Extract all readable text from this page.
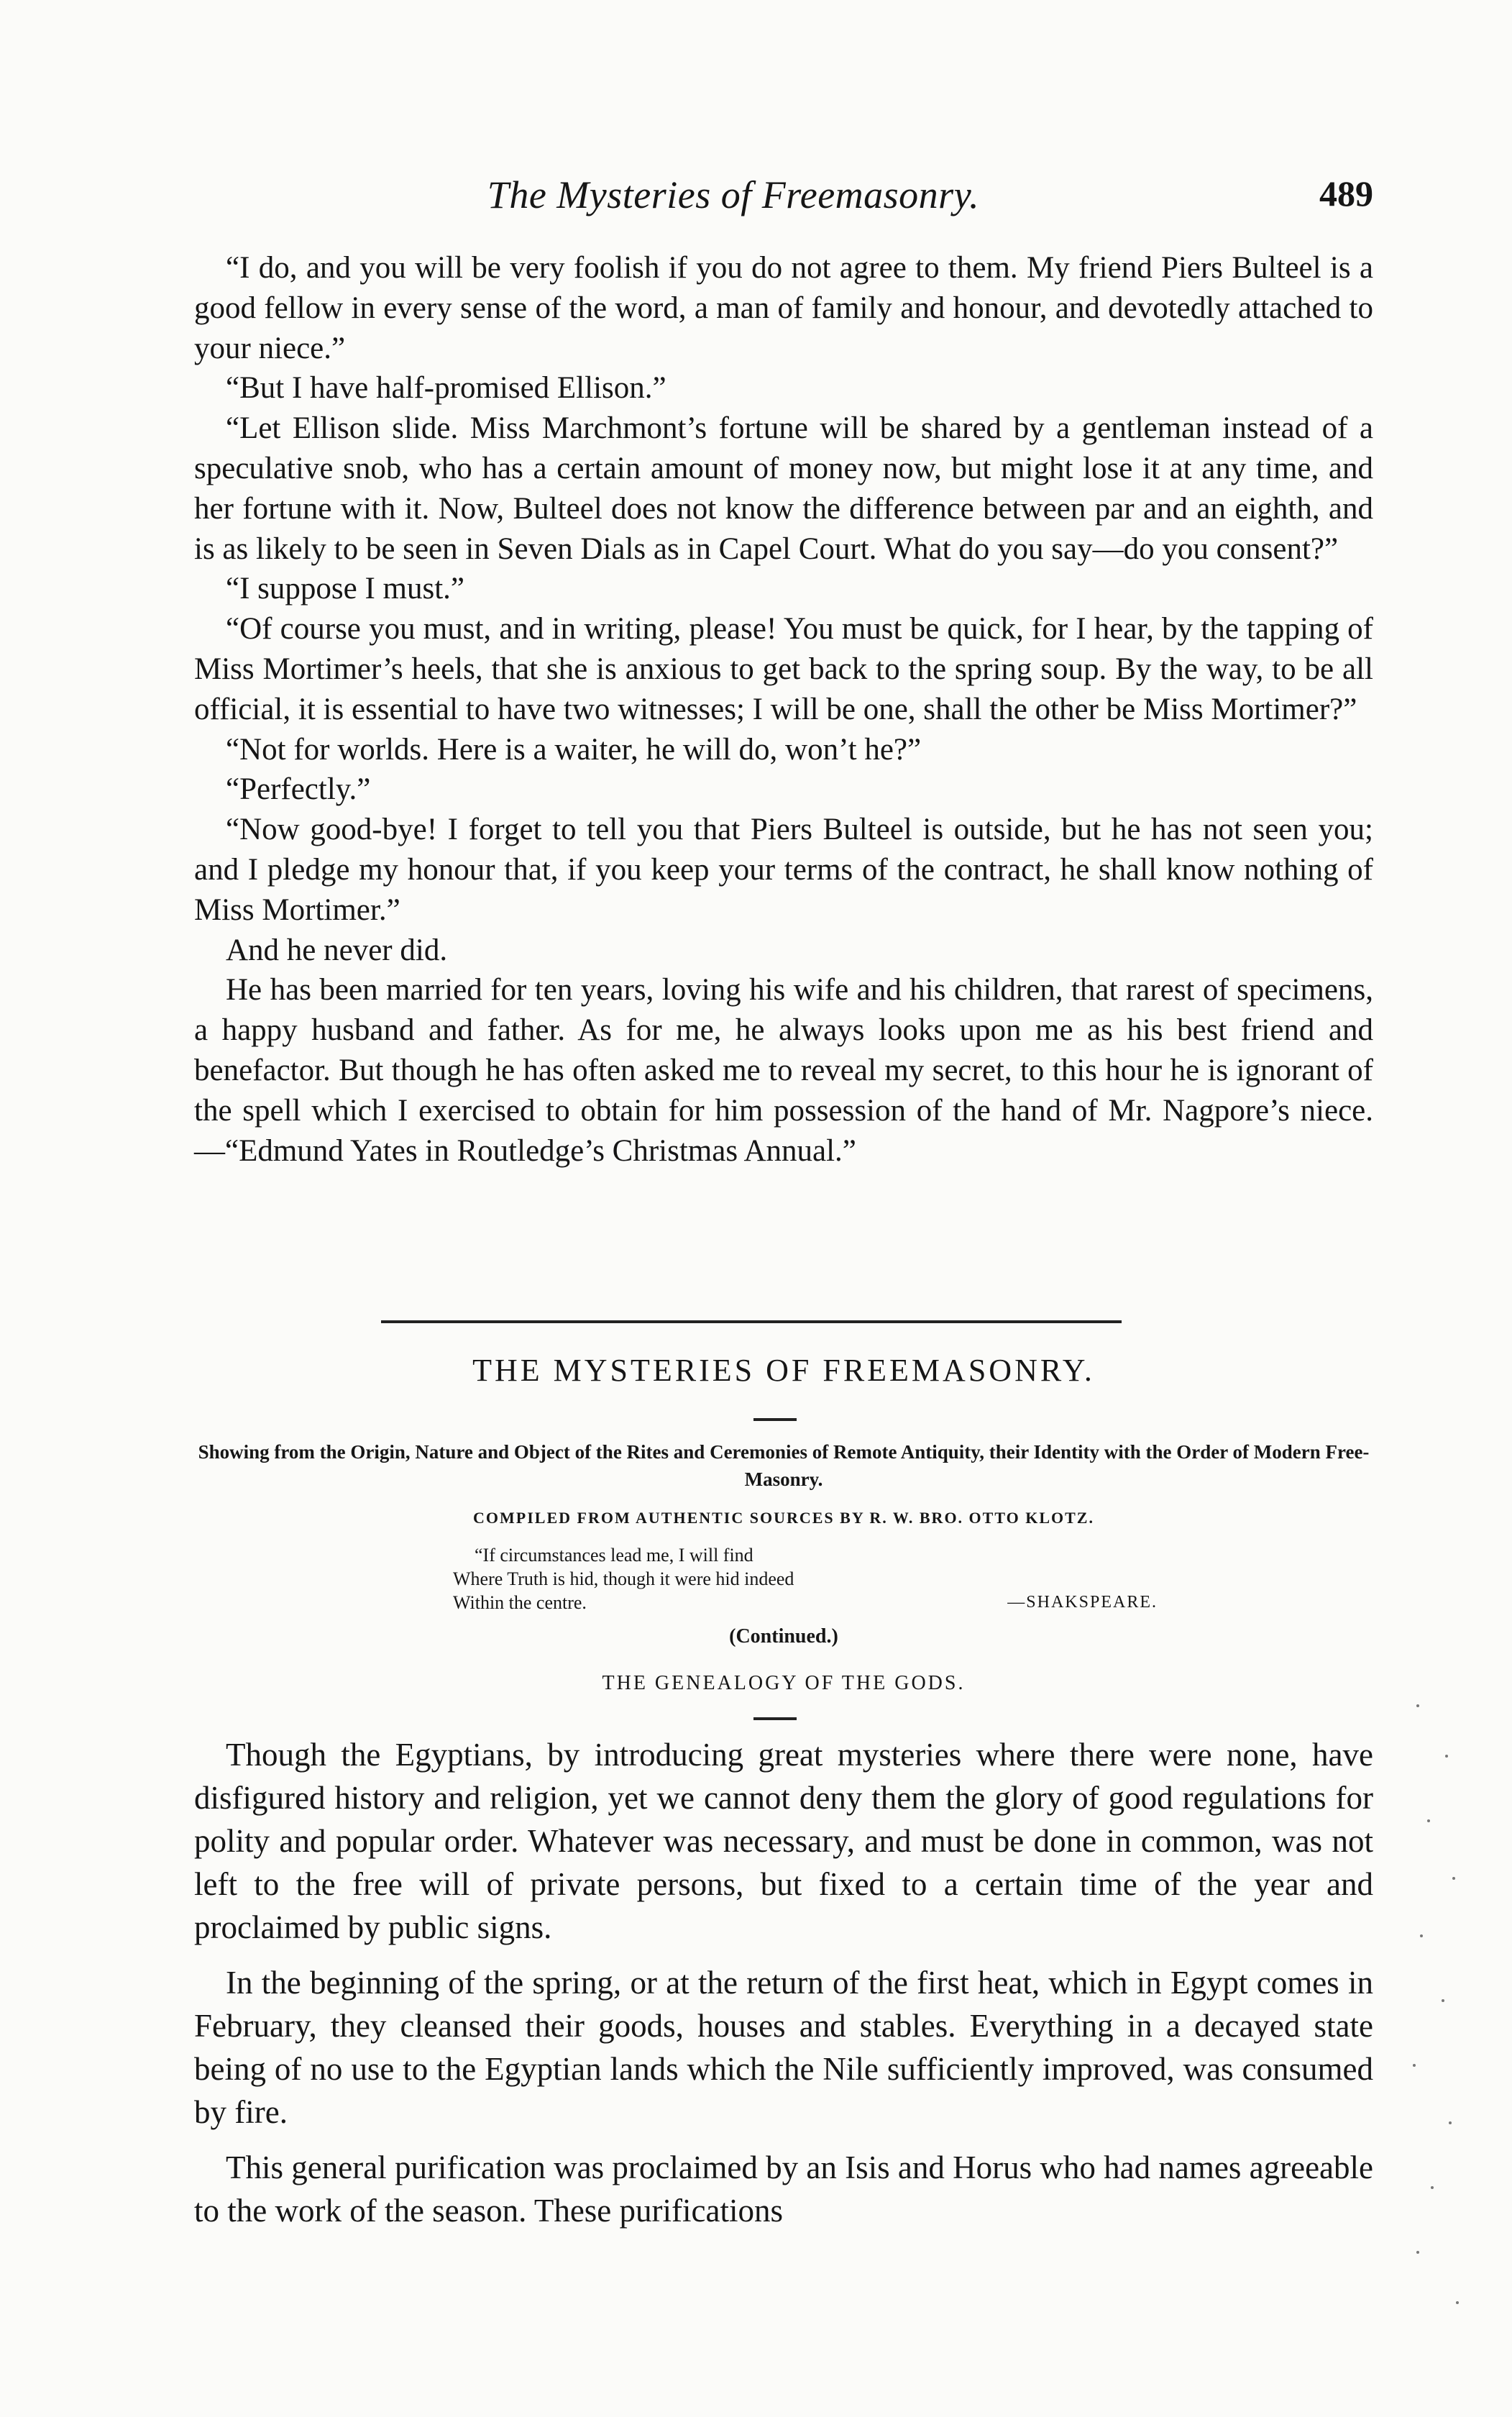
The Mysteries of Freemasonry.	489

“I do, and you will be very foolish if you do not agree to them. My friend Piers Bulteel is a good fellow in every sense of the word, a man of family and honour, and devotedly attached to your niece.”

“But I have half-promised Ellison.”

“Let Ellison slide. Miss Marchmont’s fortune will be shared by a gentleman instead of a speculative snob, who has a certain amount of money now, but might lose it at any time, and her fortune with it. Now, Bulteel does not know the difference between par and an eighth, and is as likely to be seen in Seven Dials as in Capel Court. What do you say—do you consent?”

“I suppose I must.”

“Of course you must, and in writing, please! You must be quick, for I hear, by the tapping of Miss Mortimer’s heels, that she is anxious to get back to the spring soup. By the way, to be all official, it is essential to have two witnesses; I will be one, shall the other be Miss Mortimer?”

“Not for worlds. Here is a waiter, he will do, won’t he?”

“Perfectly.”

“Now good-bye! I forget to tell you that Piers Bulteel is outside, but he has not seen you; and I pledge my honour that, if you keep your terms of the contract, he shall know nothing of Miss Mortimer.”

And he never did.

He has been married for ten years, loving his wife and his children, that rarest of specimens, a happy husband and father. As for me, he always looks upon me as his best friend and benefactor. But though he has often asked me to reveal my secret, to this hour he is ignorant of the spell which I exercised to obtain for him possession of the hand of Mr. Nagpore’s niece.—“Edmund Yates in Routledge’s Christmas Annual.”

THE MYSTERIES OF FREEMASONRY.
Showing from the Origin, Nature and Object of the Rites and Ceremonies of Remote Antiquity, their Identity with the Order of Modern Free-Masonry.
COMPILED FROM AUTHENTIC SOURCES BY R. W. BRO. OTTO KLOTZ.
“If circumstances lead me, I will find
Where Truth is hid, though it were hid indeed
Within the centre.	—SHAKSPEARE.
(Continued.)
THE GENEALOGY OF THE GODS.

Though the Egyptians, by introducing great mysteries where there were none, have disfigured history and religion, yet we cannot deny them the glory of good regulations for polity and popular order. Whatever was necessary, and must be done in common, was not left to the free will of private persons, but fixed to a certain time of the year and proclaimed by public signs.

In the beginning of the spring, or at the return of the first heat, which in Egypt comes in February, they cleansed their goods, houses and stables. Everything in a decayed state being of no use to the Egyptian lands which the Nile sufficiently improved, was consumed by fire.

This general purification was proclaimed by an Isis and Horus who had names agreeable to the work of the season. These purifications
